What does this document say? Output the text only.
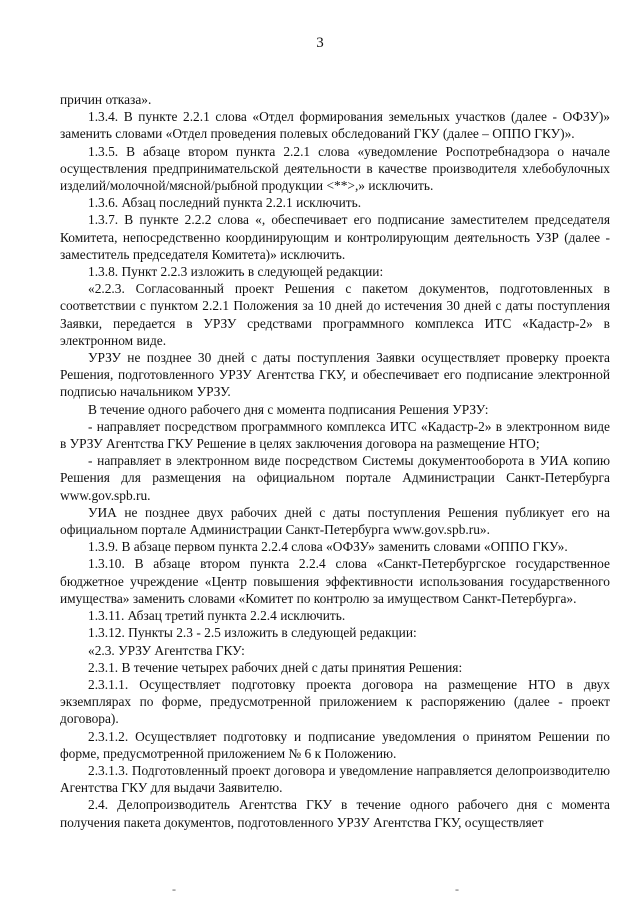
3

причин отказа».

1.3.4. В пункте 2.2.1 слова «Отдел формирования земельных участков (далее - ОФЗУ)» заменить словами «Отдел проведения полевых обследований ГКУ (далее – ОППО ГКУ)».

1.3.5. В абзаце втором пункта 2.2.1 слова «уведомление Роспотребнадзора о начале осуществления предпринимательской деятельности в качестве производителя хлебобулочных изделий/молочной/мясной/рыбной продукции <**>,» исключить.

1.3.6. Абзац последний пункта 2.2.1 исключить.

1.3.7. В пункте 2.2.2 слова «, обеспечивает его подписание заместителем председателя Комитета, непосредственно координирующим и контролирующим деятельность УЗР (далее - заместитель председателя Комитета)» исключить.

1.3.8. Пункт 2.2.3 изложить в следующей редакции:

«2.2.3. Согласованный проект Решения с пакетом документов, подготовленных в соответствии с пунктом 2.2.1 Положения за 10 дней до истечения 30 дней с даты поступления Заявки, передается в УРЗУ средствами программного комплекса ИТС «Кадастр-2» в электронном виде.

УРЗУ не позднее 30 дней с даты поступления Заявки осуществляет проверку проекта Решения, подготовленного УРЗУ Агентства ГКУ, и обеспечивает его подписание электронной подписью начальником УРЗУ.

В течение одного рабочего дня с момента подписания Решения УРЗУ:

- направляет посредством программного комплекса ИТС «Кадастр-2» в электронном виде в УРЗУ Агентства ГКУ Решение в целях заключения договора на размещение НТО;

- направляет в электронном виде посредством Системы документооборота в УИА копию Решения для размещения на официальном портале Администрации Санкт-Петербурга www.gov.spb.ru.

УИА не позднее двух рабочих дней с даты поступления Решения публикует его на официальном портале Администрации Санкт-Петербурга www.gov.spb.ru».

1.3.9. В абзаце первом пункта 2.2.4 слова «ОФЗУ» заменить словами «ОППО ГКУ».

1.3.10. В абзаце втором пункта 2.2.4 слова «Санкт-Петербургское государственное бюджетное учреждение «Центр повышения эффективности использования государственного имущества» заменить словами «Комитет по контролю за имуществом Санкт-Петербурга».

1.3.11. Абзац третий пункта 2.2.4 исключить.

1.3.12. Пункты 2.3 - 2.5 изложить в следующей редакции:

«2.3. УРЗУ Агентства ГКУ:

2.3.1. В течение четырех рабочих дней с даты принятия Решения:

2.3.1.1. Осуществляет подготовку проекта договора на размещение НТО в двух экземплярах по форме, предусмотренной приложением к распоряжению (далее - проект договора).

2.3.1.2. Осуществляет подготовку и подписание уведомления о принятом Решении по форме, предусмотренной приложением № 6 к Положению.

2.3.1.3. Подготовленный проект договора и уведомление направляется делопроизводителю Агентства ГКУ для выдачи Заявителю.

2.4. Делопроизводитель Агентства ГКУ в течение одного рабочего дня с момента получения пакета документов, подготовленного УРЗУ Агентства ГКУ, осуществляет

-	-
